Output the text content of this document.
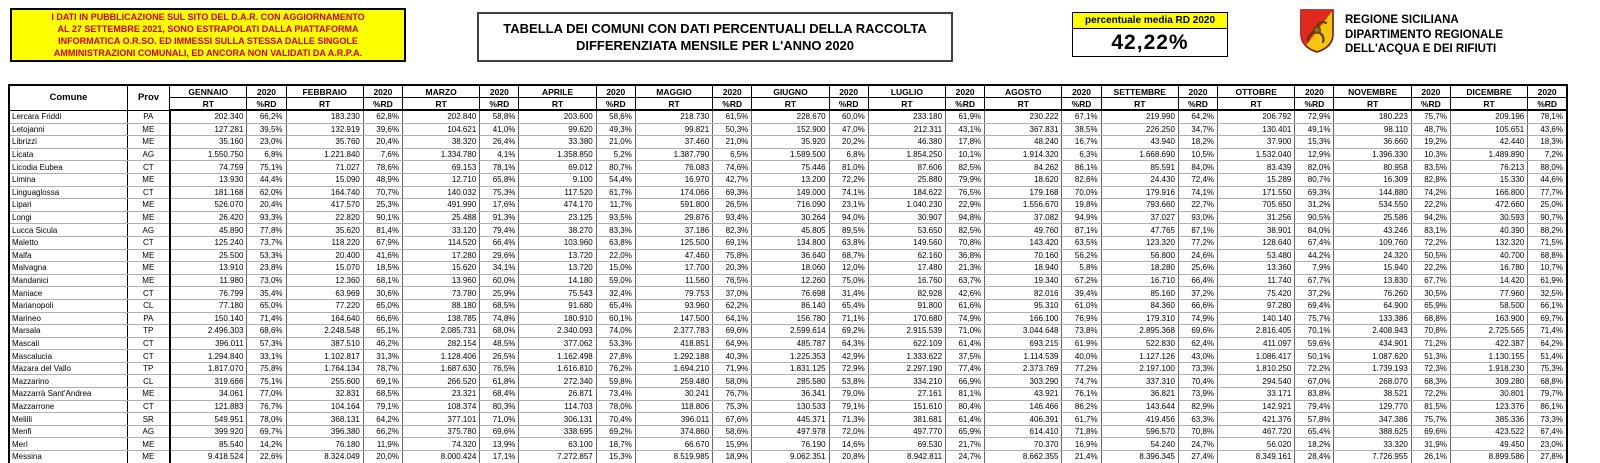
I DATI IN PUBBLICAZIONE SUL SITO DEL D.A.R. CON AGGIORNAMENTO
AL 27 SETTEMBRE 2021, SONO ESTRAPOLATI DALLA PIATTAFORMA
INFORMATICA O.R.SO. ED IMMESSI SULLA STESSA DALLE SINGOLE
AMMINISTRAZIONI COMUNALI, ED ANCORA NON VALIDATI DA A.R.P.A.
TABELLA DEI COMUNI CON DATI PERCENTUALI DELLA RACCOLTA
DIFFERENZIATA MENSILE PER L'ANNO 2020
percentuale media RD 2020
42,22%
REGIONE SICILIANA
DIPARTIMENTO REGIONALE
DELL'ACQUA E DEI RIFIUTI
Comune	Prov	GENNAIO	2020	FEBBRAIO	2020	MARZO	2020	APRILE	2020	MAGGIO	2020	GIUGNO	2020	LUGLIO	2020	AGOSTO	2020	SETTEMBRE	2020	OTTOBRE	2020	NOVEMBRE	2020	DICEMBRE	2020
		RT	%RD	RT	%RD	RT	%RD	RT	%RD	RT	%RD	RT	%RD	RT	%RD	RT	%RD	RT	%RD	RT	%RD	RT	%RD	RT	%RD
Lercara Friddi	PA	202.340	66,2%	183.230	62,8%	202.840	58,8%	203.600	58,6%	218.730	61,5%	228.670	60,0%	233.180	61,9%	230.222	67,1%	219.990	64,2%	206.792	72,9%	180.223	75,7%	209.196	78,1%
Letojanni	ME	127.281	39,5%	132.919	39,6%	104.621	41,0%	99.620	49,3%	99.821	50,3%	152.900	47,0%	212.311	43,1%	367.831	38,5%	226.250	34,7%	130.401	49,1%	98.110	48,7%	105.651	43,6%
Librizzi	ME	35.160	23,0%	35.760	20,4%	38.320	26,4%	33.380	21,0%	37.460	21,0%	35.920	20,2%	46.380	17,8%	48.240	16,7%	43.940	18,2%	37.900	15,3%	36.660	19,2%	42.440	18,3%
Licata	AG	1.550.750	6,8%	1.221.840	7,6%	1.334.780	4,1%	1.358.850	5,2%	1.387.790	6,5%	1.589.500	6,8%	1.854.250	10,1%	1.914.320	6,3%	1.668.690	10,5%	1.532.040	12,9%	1.396.330	10,3%	1.489.890	7,2%
Licodia Eubea	CT	74.759	75,1%	71.027	78,6%	69.153	78,1%	69.012	80,7%	76.083	74,6%	75.446	81,0%	87.606	82,5%	84.262	86,1%	85.591	84,0%	83.439	82,0%	80.958	83,5%	76.213	88,0%
Limina	ME	13.930	44,4%	15.090	48,9%	12.710	65,8%	9.100	54,4%	16.970	42,7%	13.200	72,2%	25.880	79,9%	18.620	82,6%	24.430	72,4%	15.289	80,7%	16.309	82,8%	15.330	44,6%
Linguaglossa	CT	181.168	62,0%	164.740	70,7%	140.032	75,3%	117.520	61,7%	174.066	69,3%	149.000	74,1%	184.622	76,5%	179.168	70,0%	179.916	74,1%	171.550	69,3%	144.880	74,2%	166.800	77,7%
Lipari	ME	526.070	20,4%	417.570	25,3%	491.990	17,6%	474.170	11,7%	591.800	26,5%	716.090	23,1%	1.040.230	22,9%	1.556.670	19,8%	793.660	22,7%	705.650	31,2%	534.550	22,2%	472.660	25,0%
Longi	ME	26.420	93,3%	22.820	90,1%	25.488	91,3%	23.125	93,5%	29.876	93,4%	30.264	94,0%	30.907	94,8%	37.082	94,9%	37.027	93,0%	31.256	90,5%	25.586	94,2%	30.593	90,7%
Lucca Sicula	AG	45.890	77,8%	35.620	81,4%	33.120	79,4%	38.270	83,3%	37.186	82,3%	45.805	89,5%	53.650	82,5%	49.760	87,1%	47.765	87,1%	38.901	84,0%	43.246	83,1%	40.390	88,2%
Maletto	CT	125.240	73,7%	118.220	67,9%	114.520	66,4%	103.960	63,8%	125.500	69,1%	134.800	63,8%	149.560	70,8%	143.420	63,5%	123.320	77,2%	128.640	67,4%	109.760	72,2%	132.320	71,5%
Malfa	ME	25.500	53,3%	20.400	41,6%	17.280	29,6%	13.720	22,0%	47.460	75,8%	36.640	68,7%	62.160	36,8%	70.160	56,2%	56.800	24,6%	53.480	44,2%	24.320	50,5%	40.700	68,8%
Malvagna	ME	13.910	23,8%	15.070	18,5%	15.620	34,1%	13.720	15,0%	17.700	20,3%	18.060	12,0%	17.480	21,3%	18.940	5,8%	18.280	25,6%	13.360	7,9%	15.940	22,2%	16.780	10,7%
Mandanici	ME	11.980	73,0%	12.360	68,1%	13.960	60,0%	14.180	59,0%	11.560	76,5%	12.260	75,0%	16.760	63,7%	19.340	67,2%	16.710	66,4%	11.740	67,7%	13.830	67,7%	14.420	61,9%
Maniace	CT	76.799	35,4%	63.969	30,6%	73.780	25,9%	75.543	32,4%	79.753	37,0%	76.698	31,4%	82.928	42,6%	82.016	39,4%	85.160	37,2%	75.420	37,2%	76.260	30,5%	77.960	32,5%
Marianopoli	CL	77.180	65,0%	77.220	65,0%	88.180	68,5%	91.680	65,4%	93.960	62,2%	86.140	65,4%	91.800	61,6%	95.310	61,0%	84.360	66,6%	97.280	69,4%	64.900	65,9%	58.500	66,1%
Marineo	PA	150.140	71,4%	164.640	66,6%	138.785	74,8%	180.910	60,1%	147.500	64,1%	156.780	71,1%	170.680	74,9%	166.100	76,9%	179.310	74,9%	140.140	75,7%	133.386	68,8%	163.900	69,7%
Marsala	TP	2.496.303	68,6%	2.248.548	65,1%	2.085.731	68,0%	2.340.093	74,0%	2.377.783	69,6%	2.599.614	69,2%	2.915.539	71,0%	3.044.648	73,8%	2.895.368	69,6%	2.816.405	70,1%	2.408.943	70,8%	2.725.565	71,4%
Mascali	CT	396.011	57,3%	387.510	46,2%	282.154	48,5%	377.062	53,3%	418.851	64,9%	485.787	64,3%	622.109	61,4%	693.215	61,9%	522.830	62,4%	411.097	59,6%	434.901	71,2%	422.387	64,2%
Mascalucia	CT	1.294.840	33,1%	1.102.817	31,3%	1.128.406	26,5%	1.162.498	27,8%	1.292.188	40,3%	1.225.353	42,9%	1.333.622	37,5%	1.114.539	40,0%	1.127.126	43,0%	1.086.417	50,1%	1.087.620	51,3%	1.130.155	51,4%
Mazara del Vallo	TP	1.817.070	75,8%	1.764.134	78,7%	1.687.630	76,5%	1.616.810	76,2%	1.694.210	71,9%	1.831.125	72,9%	2.297.190	77,4%	2.373.769	77,2%	2.197.100	73,3%	1.810.250	72,2%	1.739.193	72,3%	1.918.230	75,3%
Mazzarino	CL	319.666	75,1%	255.600	69,1%	266.520	61,8%	272.340	59,8%	259.480	58,0%	285.580	53,8%	334.210	66,9%	303.290	74,7%	337.310	70,4%	294.540	67,0%	268.070	68,3%	309.280	68,8%
Mazzarrà Sant'Andrea	ME	34.061	77,0%	32.831	68,5%	23.321	68,4%	26.871	73,4%	30.241	76,7%	36.341	79,0%	27.161	81,1%	43.921	76,1%	36.821	73,9%	33.171	83,8%	38.521	72,2%	30.801	79,7%
Mazzarrone	CT	121.883	76,7%	104.164	79,1%	108.374	80,3%	114.703	78,0%	118.806	75,3%	130.533	79,1%	151.610	80,4%	146.466	86,2%	143.644	82,9%	142.921	79,4%	129.770	81,5%	123.376	86,1%
Melilli	SR	549.951	78,0%	368.131	64,2%	377.101	71,0%	306.131	70,4%	396.011	67,6%	445.371	71,3%	381.681	61,4%	406.391	61,7%	419.456	63,3%	421.376	57,8%	347.386	75,7%	385.336	73,3%
Menfi	AG	399.920	69,7%	396.380	66,2%	375.780	69,6%	338.695	69,2%	374.860	58,6%	497.978	72,0%	497.770	65,9%	614.410	71,8%	596.570	70,8%	467.720	65,4%	388.625	69,6%	423.522	67,4%
Merì	ME	85.540	14,2%	76.180	11,9%	74.320	13,9%	63.100	18,7%	66.670	15,9%	76.190	14,6%	69.530	21,7%	70.370	16,9%	54.240	24,7%	56.020	18,2%	33.320	31,9%	49.450	23,0%
Messina	ME	9.418.524	22,6%	8.324.049	20,0%	8.000.424	17,1%	7.272.857	15,3%	8.519.985	18,9%	9.062.351	20,8%	8.942.811	24,7%	8.662.355	21,4%	8.396.345	27,4%	8.349.161	28,4%	7.726.955	26,1%	8.899.586	27,8%
